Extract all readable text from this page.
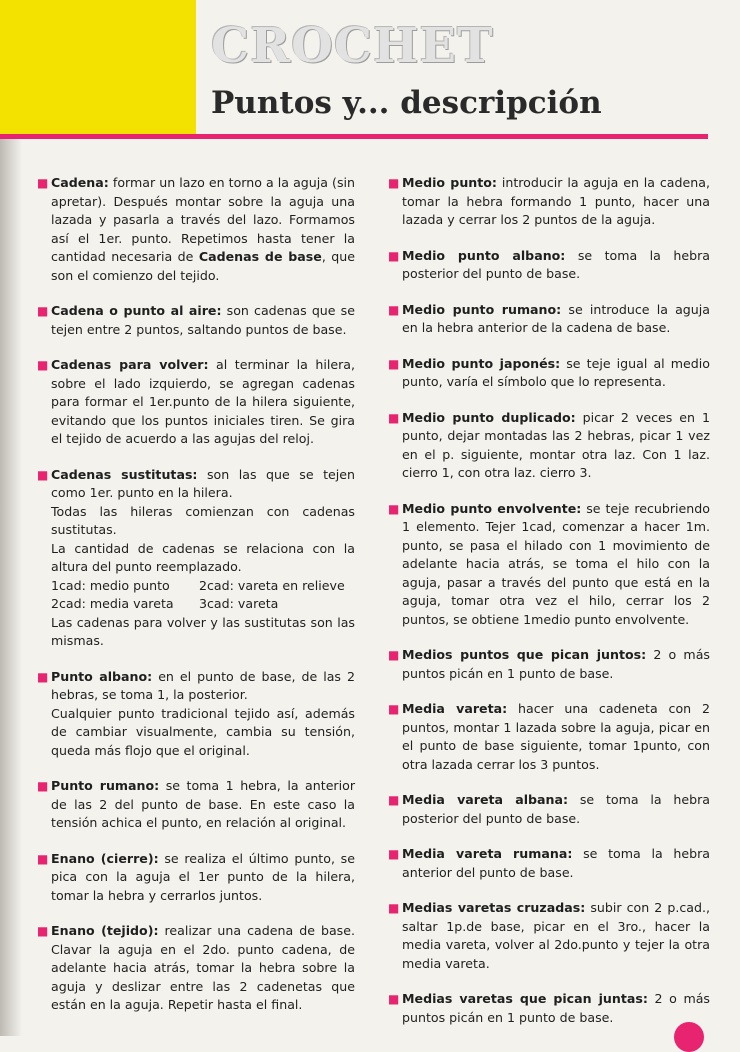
CROCHET
Puntos y... descripción
■ Cadena: formar un lazo en torno a la aguja (sin apretar). Después montar sobre la aguja una lazada y pasarla a través del lazo. Formamos así el 1er. punto. Repetimos hasta tener la cantidad necesaria de Cadenas de base, que son el comienzo del tejido.
■ Cadena o punto al aire: son cadenas que se tejen entre 2 puntos, saltando puntos de base.
■ Cadenas para volver: al terminar la hilera, sobre el lado izquierdo, se agregan cadenas para formar el 1er.punto de la hilera siguiente, evitando que los puntos iniciales tiren. Se gira el tejido de acuerdo a las agujas del reloj.
■ Cadenas sustitutas: son las que se tejen como 1er. punto en la hilera.
Todas las hileras comienzan con cadenas sustitutas.
La cantidad de cadenas se relaciona con la altura del punto reemplazado.
1cad: medio punto	2cad: vareta en relieve
2cad: media vareta	3cad: vareta
Las cadenas para volver y las sustitutas son las mismas.
■ Punto albano: en el punto de base, de las 2 hebras, se toma 1, la posterior.
Cualquier punto tradicional tejido así, además de cambiar visualmente, cambia su tensión, queda más flojo que el original.
■ Punto rumano: se toma 1 hebra, la anterior de las 2 del punto de base. En este caso la tensión achica el punto, en relación al original.
■ Enano (cierre): se realiza el último punto, se pica con la aguja el 1er punto de la hilera, tomar la hebra y cerrarlos juntos.
■ Enano (tejido): realizar una cadena de base. Clavar la aguja en el 2do. punto cadena, de adelante hacia atrás, tomar la hebra sobre la aguja y deslizar entre las 2 cadenetas que están en la aguja. Repetir hasta el final.
■ Medio punto: introducir la aguja en la cadena, tomar la hebra formando 1 punto, hacer una lazada y cerrar los 2 puntos de la aguja.
■ Medio punto albano: se toma la hebra posterior del punto de base.
■ Medio punto rumano: se introduce la aguja en la hebra anterior de la cadena de base.
■ Medio punto japonés: se teje igual al medio punto, varía el símbolo que lo representa.
■ Medio punto duplicado: picar 2 veces en 1 punto, dejar montadas las 2 hebras, picar 1 vez en el p. siguiente, montar otra laz. Con 1 laz. cierro 1, con otra laz. cierro 3.
■ Medio punto envolvente: se teje recubriendo 1 elemento. Tejer 1cad, comenzar a hacer 1m. punto, se pasa el hilado con 1 movimiento de adelante hacia atrás, se toma el hilo con la aguja, pasar a través del punto que está en la aguja, tomar otra vez el hilo, cerrar los 2 puntos, se obtiene 1medio punto envolvente.
■ Medios puntos que pican juntos: 2 o más puntos picán en 1 punto de base.
■ Media vareta: hacer una cadeneta con 2 puntos, montar 1 lazada sobre la aguja, picar en el punto de base siguiente, tomar 1punto, con otra lazada cerrar los 3 puntos.
■ Media vareta albana: se toma la hebra posterior del punto de base.
■ Media vareta rumana: se toma la hebra anterior del punto de base.
■ Medias varetas cruzadas: subir con 2 p.cad., saltar 1p.de base, picar en el 3ro., hacer la media vareta, volver al 2do.punto y tejer la otra media vareta.
■ Medias varetas que pican juntas: 2 o más puntos picán en 1 punto de base.
